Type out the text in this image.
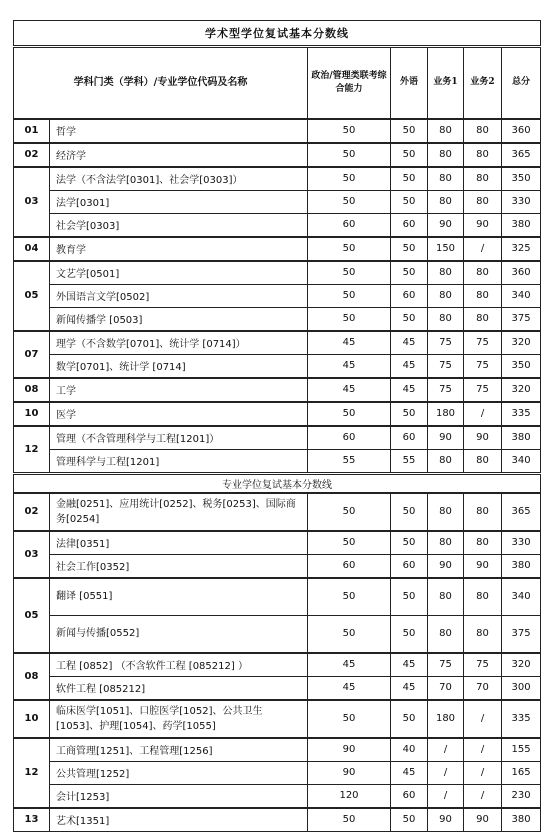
学术型学位复试基本分数线						
学科门类（学科）/专业学位代码及名称		政治/管理类联考综合能力	外语	业务1	业务2	总分
01	哲学	50	50	80	80	360
02	经济学	50	50	80	80	365
03	法学（不含法学[0301]、社会学[0303]）	50	50	80	80	350
	法学[0301]	50	50	80	80	330
	社会学[0303]	60	60	90	90	380
04	教育学	50	50	150	/	325
05	文艺学[0501]	50	50	80	80	360
	外国语言文学[0502]	50	60	80	80	340
	新闻传播学 [0503]	50	50	80	80	375
07	理学（不含数学[0701]、统计学 [0714]）	45	45	75	75	320
	数学[0701]、统计学 [0714]	45	45	75	75	350
08	工学	45	45	75	75	320
10	医学	50	50	180	/	335
12	管理（不含管理科学与工程[1201]）	60	60	90	90	380
	管理科学与工程[1201]	55	55	80	80	340
专业学位复试基本分数线						
02	金融[0251]、应用统计[0252]、税务[0253]、国际商务[0254]	50	50	80	80	365
03	法律[0351]	50	50	80	80	330
	社会工作[0352]	60	60	90	90	380
05	翻译 [0551]	50	50	80	80	340
	新闻与传播[0552]	50	50	80	80	375
08	工程 [0852] （不含软件工程 [085212] ）	45	45	75	75	320
	软件工程 [085212]	45	45	70	70	300
10	临床医学[1051]、口腔医学[1052]、公共卫生[1053]、护理[1054]、药学[1055]	50	50	180	/	335
12	工商管理[1251]、工程管理[1256]	90	40	/	/	155
	公共管理[1252]	90	45	/	/	165
	会计[1253]	120	60	/	/	230
13	艺术[1351]	50	50	90	90	380
